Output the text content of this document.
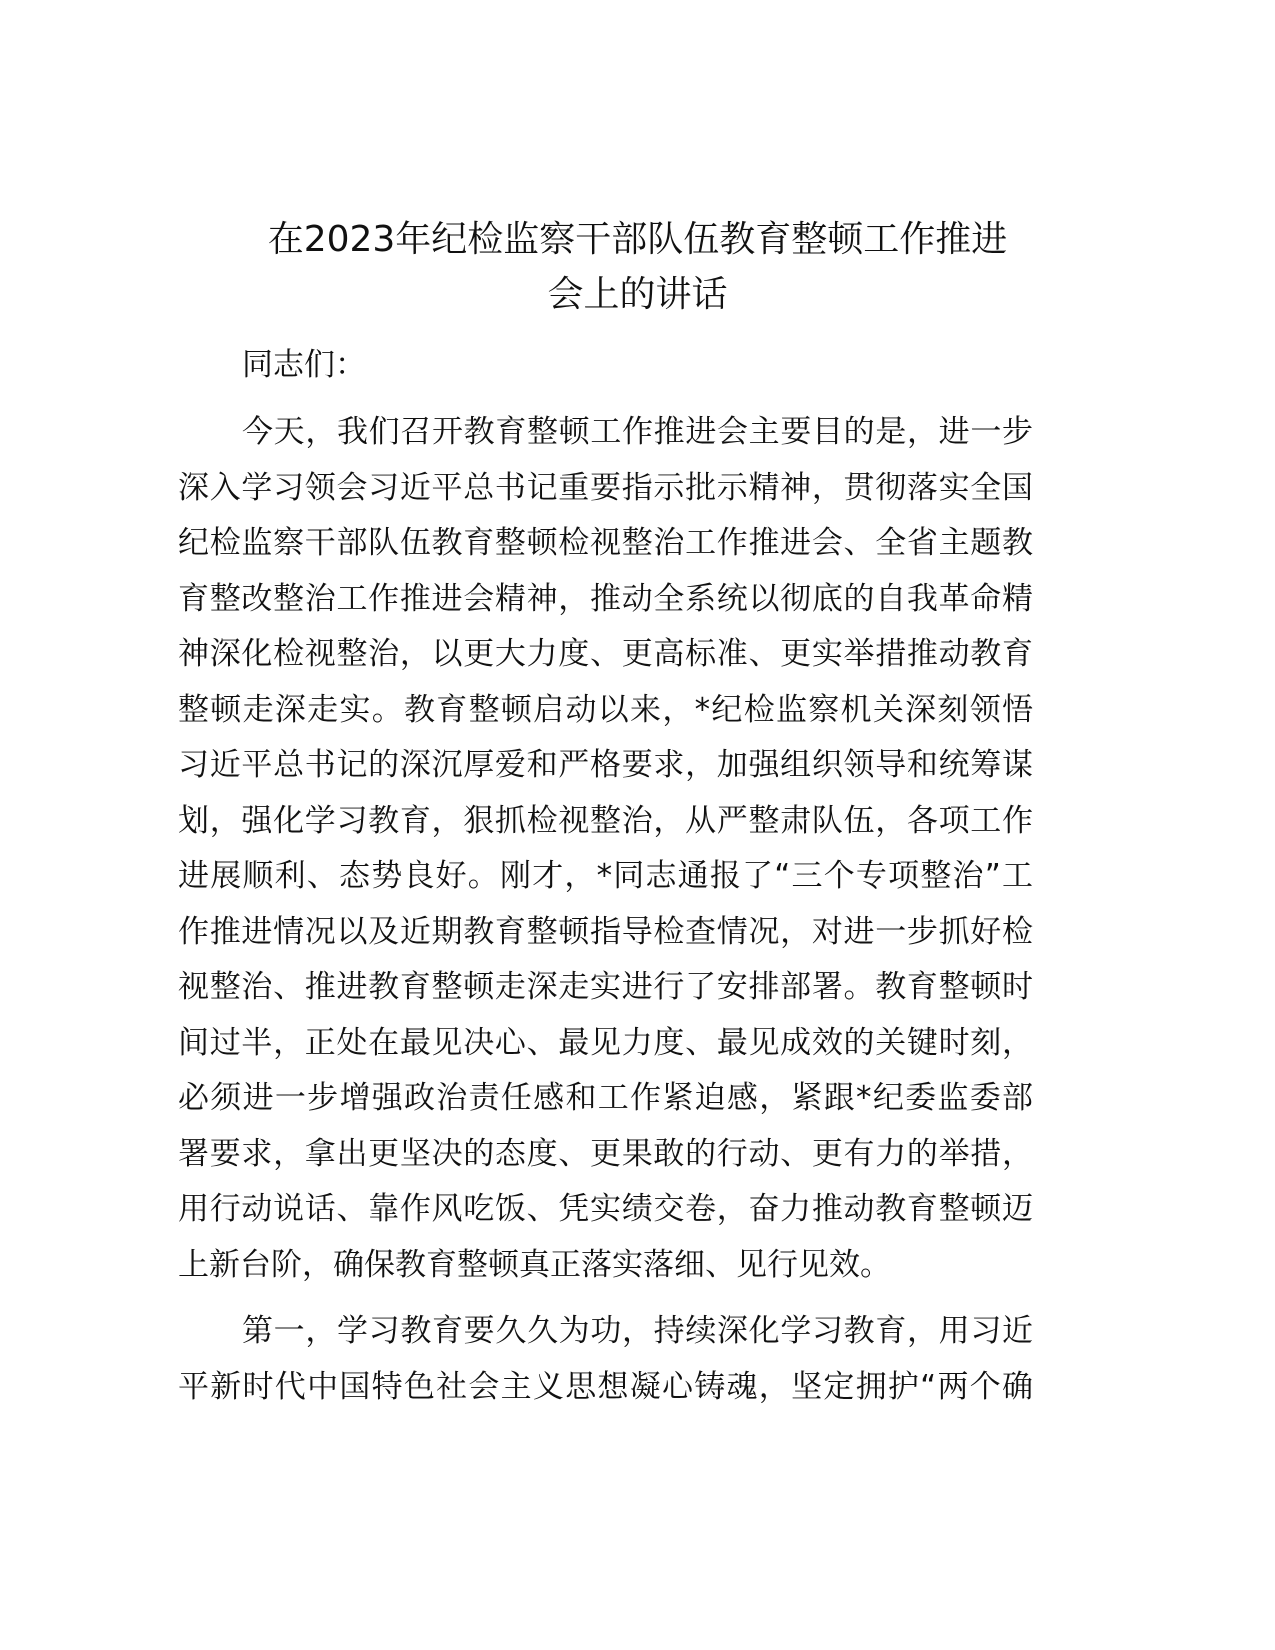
在2023年纪检监察干部队伍教育整顿工作推进
会上的讲话
同志们：
今天，我们召开教育整顿工作推进会主要目的是，进一步
深入学习领会习近平总书记重要指示批示精神，贯彻落实全国
纪检监察干部队伍教育整顿检视整治工作推进会、全省主题教
育整改整治工作推进会精神，推动全系统以彻底的自我革命精
神深化检视整治，以更大力度、更高标准、更实举措推动教育
整顿走深走实。教育整顿启动以来，*纪检监察机关深刻领悟
习近平总书记的深沉厚爱和严格要求，加强组织领导和统筹谋
划，强化学习教育，狠抓检视整治，从严整肃队伍，各项工作
进展顺利、态势良好。刚才，*同志通报了“三个专项整治”工
作推进情况以及近期教育整顿指导检查情况，对进一步抓好检
视整治、推进教育整顿走深走实进行了安排部署。教育整顿时
间过半，正处在最见决心、最见力度、最见成效的关键时刻，
必须进一步增强政治责任感和工作紧迫感，紧跟*纪委监委部
署要求，拿出更坚决的态度、更果敢的行动、更有力的举措，
用行动说话、靠作风吃饭、凭实绩交卷，奋力推动教育整顿迈
上新台阶，确保教育整顿真正落实落细、见行见效。
第一，学习教育要久久为功，持续深化学习教育，用习近
平新时代中国特色社会主义思想凝心铸魂，坚定拥护“两个确
